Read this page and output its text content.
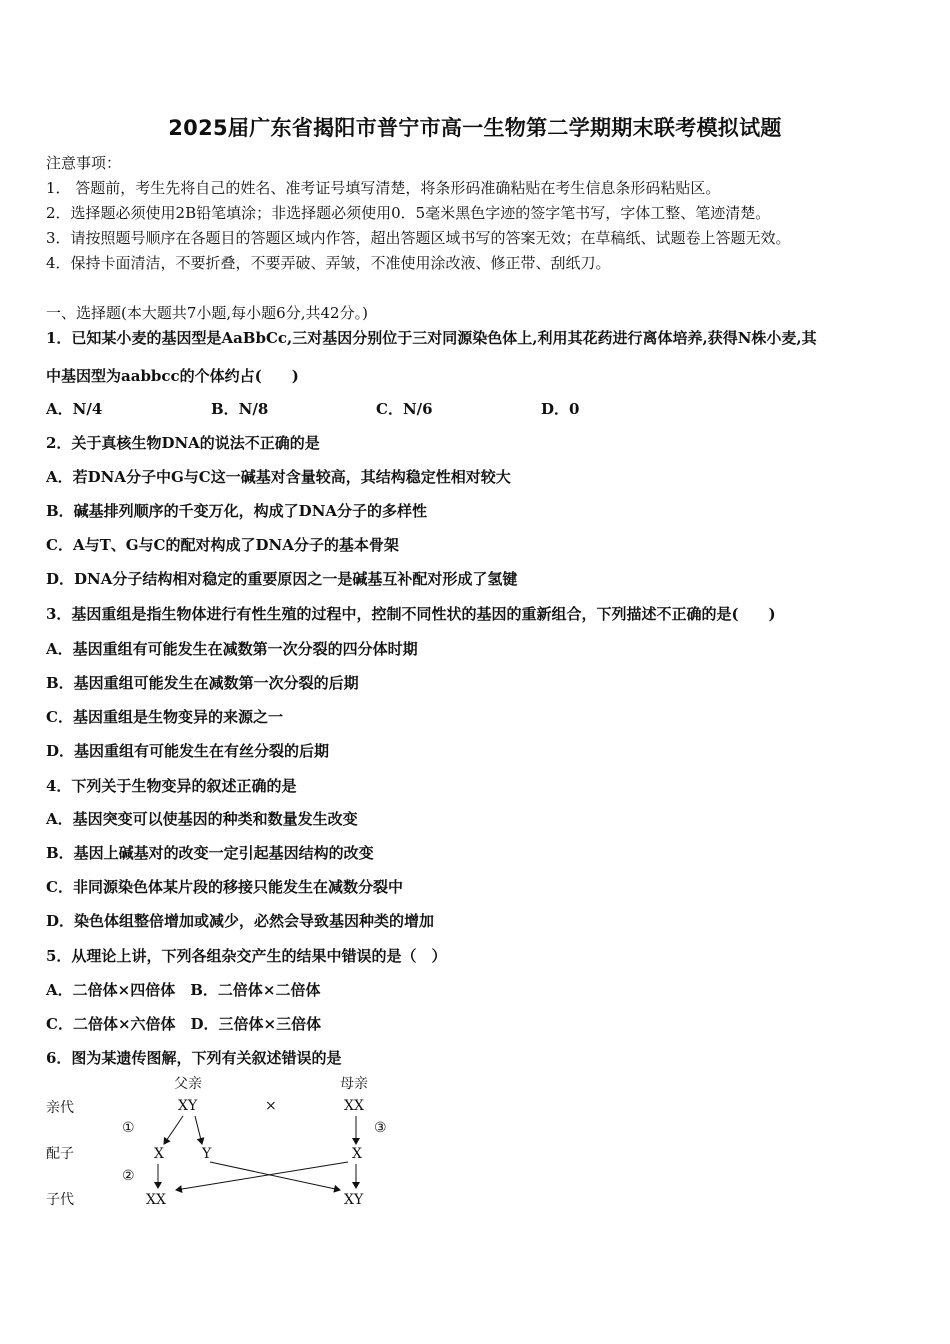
2025届广东省揭阳市普宁市高一生物第二学期期末联考模拟试题
注意事项：
1． 答题前，考生先将自己的姓名、准考证号填写清楚，将条形码准确粘贴在考生信息条形码粘贴区。
2．选择题必须使用2B铅笔填涂；非选择题必须使用0．5毫米黑色字迹的签字笔书写，字体工整、笔迹清楚。
3．请按照题号顺序在各题目的答题区域内作答，超出答题区域书写的答案无效；在草稿纸、试题卷上答题无效。
4．保持卡面清洁，不要折叠，不要弄破、弄皱，不准使用涂改液、修正带、刮纸刀。
一、选择题(本大题共7小题,每小题6分,共42分。)
1．已知某小麦的基因型是AaBbCc,三对基因分别位于三对同源染色体上,利用其花药进行离体培养,获得N株小麦,其
中基因型为aabbcc的个体约占(　　)
A．N/4	B．N/8	C．N/6	D．0
2．关于真核生物DNA的说法不正确的是
A．若DNA分子中G与C这一碱基对含量较高，其结构稳定性相对较大
B．碱基排列顺序的千变万化，构成了DNA分子的多样性
C．A与T、G与C的配对构成了DNA分子的基本骨架
D．DNA分子结构相对稳定的重要原因之一是碱基互补配对形成了氢键
3．基因重组是指生物体进行有性生殖的过程中，控制不同性状的基因的重新组合，下列描述不正确的是(　　)
A．基因重组有可能发生在减数第一次分裂的四分体时期
B．基因重组可能发生在减数第一次分裂的后期
C．基因重组是生物变异的来源之一
D．基因重组有可能发生在有丝分裂的后期
4．下列关于生物变异的叙述正确的是
A．基因突变可以使基因的种类和数量发生改变
B．基因上碱基对的改变一定引起基因结构的改变
C．非同源染色体某片段的移接只能发生在减数分裂中
D．染色体组整倍增加或减少，必然会导致基因种类的增加
5．从理论上讲，下列各组杂交产生的结果中错误的是（　）
A．二倍体×四倍体　B．二倍体×二倍体
C．二倍体×六倍体　D．三倍体×三倍体
6．图为某遗传图解，下列有关叙述错误的是
父亲	母亲
亲代
配子
子代
XY	×	XX
①
②
③
X	Y	X
XX	XY
